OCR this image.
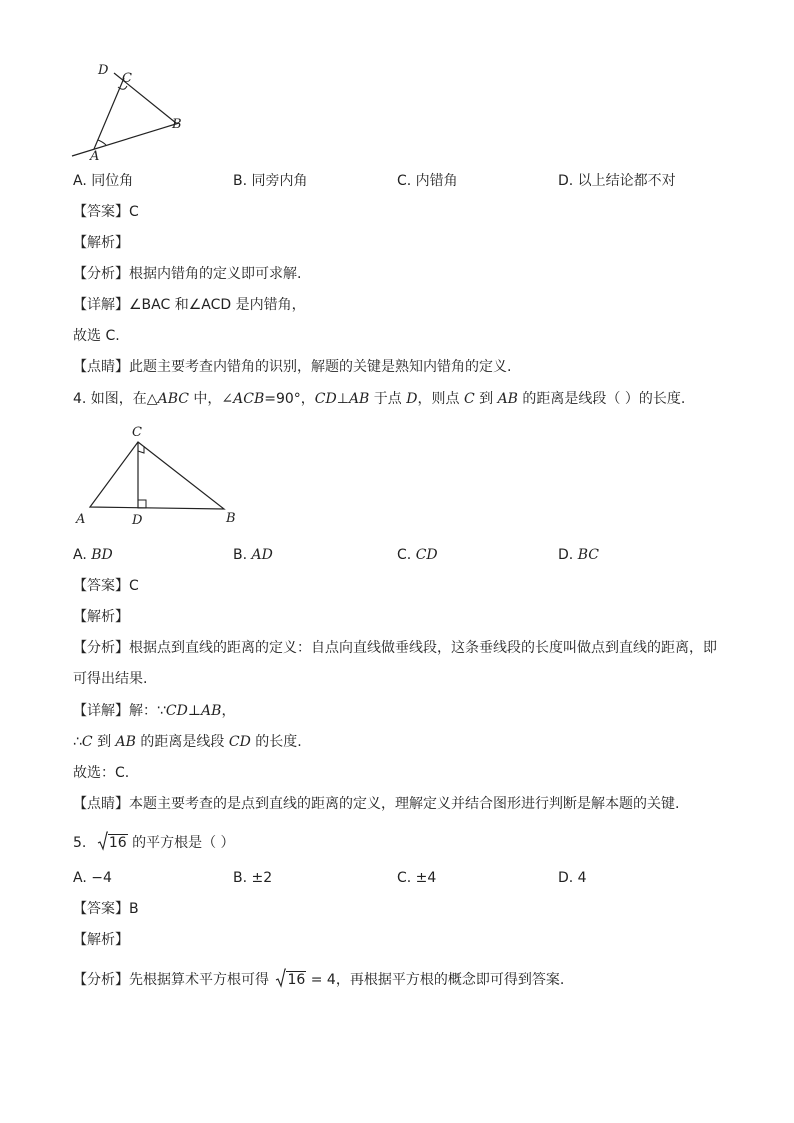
D
C
B
A
A. 同位角	B. 同旁内角	C. 内错角	D. 以上结论都不对
【答案】C
【解析】
【分析】根据内错角的定义即可求解.
【详解】∠BAC 和∠ACD 是内错角，
故选 C.
【点睛】此题主要考查内错角的识别，解题的关键是熟知内错角的定义.
4. 如图，在△ABC 中，∠ACB=90°，CD⊥AB 于点 D，则点 C 到 AB 的距离是线段（ ）的长度.
C
A	D	B
A. BD	B. AD	C. CD	D. BC
【答案】C
【解析】
【分析】根据点到直线的距离的定义：自点向直线做垂线段，这条垂线段的长度叫做点到直线的距离，即
可得出结果.
【详解】解：∵CD⊥AB，
∴C 到 AB 的距离是线段 CD 的长度.
故选：C.
【点睛】本题主要考查的是点到直线的距离的定义，理解定义并结合图形进行判断是解本题的关键.
5. 16 的平方根是（ ）
A. −4	B. ±2	C. ±4	D. 4
【答案】B
【解析】
【分析】先根据算术平方根可得 16 = 4，再根据平方根的概念即可得到答案.
